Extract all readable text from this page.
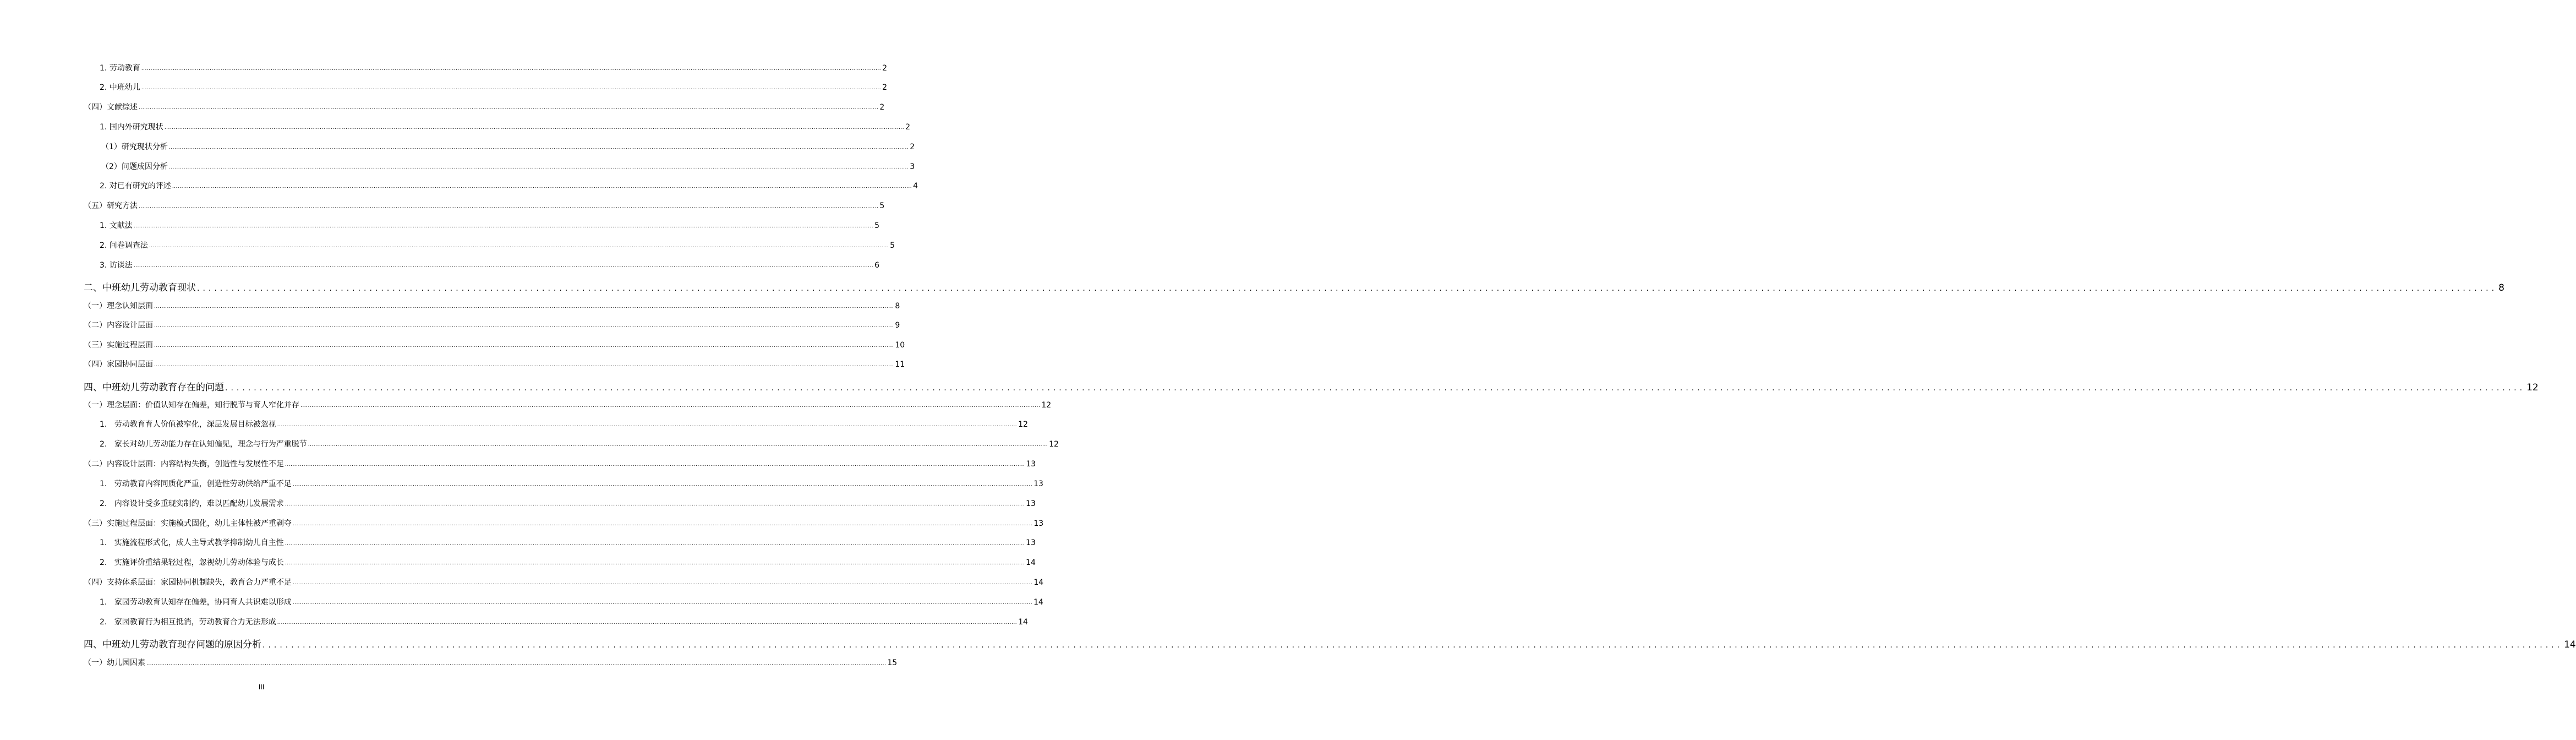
1. 劳动教育 ................................................................................................................................................................................................................................................................................................................................................................................................................ 2
2. 中班幼儿 ................................................................................................................................................................................................................................................................................................................................................................................................................ 2
（四）文献综述 ................................................................................................................................................................................................................................................................................................................................................................................................................ 2
1. 国内外研究现状 ................................................................................................................................................................................................................................................................................................................................................................................................................ 2
（1）研究现状分析 ................................................................................................................................................................................................................................................................................................................................................................................................................ 2
（2）问题成因分析 ................................................................................................................................................................................................................................................................................................................................................................................................................ 3
2. 对已有研究的评述 ................................................................................................................................................................................................................................................................................................................................................................................................................ 4
（五）研究方法 ................................................................................................................................................................................................................................................................................................................................................................................................................ 5
1. 文献法 ................................................................................................................................................................................................................................................................................................................................................................................................................ 5
2. 问卷调查法 ................................................................................................................................................................................................................................................................................................................................................................................................................ 5
3. 访谈法 ................................................................................................................................................................................................................................................................................................................................................................................................................ 6
二、中班幼儿劳动教育现状 ................................................................................................................................................................................................................................................................................................................................................................................................................ 8
（一）理念认知层面 ................................................................................................................................................................................................................................................................................................................................................................................................................ 8
（二）内容设计层面 ................................................................................................................................................................................................................................................................................................................................................................................................................ 9
（三）实施过程层面 ................................................................................................................................................................................................................................................................................................................................................................................................................ 10
（四）家园协同层面 ................................................................................................................................................................................................................................................................................................................................................................................................................ 11
四、中班幼儿劳动教育存在的问题 ................................................................................................................................................................................................................................................................................................................................................................................................................ 12
（一）理念层面：价值认知存在偏差，知行脱节与育人窄化并存 ................................................................................................................................................................................................................................................................................................................................................................................................................ 12
1.   劳动教育育人价值被窄化，深层发展目标被忽视 ................................................................................................................................................................................................................................................................................................................................................................................................................ 12
2.   家长对幼儿劳动能力存在认知偏见，理念与行为严重脱节 ................................................................................................................................................................................................................................................................................................................................................................................................................ 12
（二）内容设计层面：内容结构失衡，创造性与发展性不足 ................................................................................................................................................................................................................................................................................................................................................................................................................ 13
1.   劳动教育内容同质化严重，创造性劳动供给严重不足 ................................................................................................................................................................................................................................................................................................................................................................................................................ 13
2.   内容设计受多重现实制约，难以匹配幼儿发展需求 ................................................................................................................................................................................................................................................................................................................................................................................................................ 13
（三）实施过程层面：实施模式固化，幼儿主体性被严重剥夺 ................................................................................................................................................................................................................................................................................................................................................................................................................ 13
1.   实施流程形式化，成人主导式教学抑制幼儿自主性 ................................................................................................................................................................................................................................................................................................................................................................................................................ 13
2.   实施评价重结果轻过程，忽视幼儿劳动体验与成长 ................................................................................................................................................................................................................................................................................................................................................................................................................ 14
（四）支持体系层面：家园协同机制缺失，教育合力严重不足 ................................................................................................................................................................................................................................................................................................................................................................................................................ 14
1.   家园劳动教育认知存在偏差，协同育人共识难以形成 ................................................................................................................................................................................................................................................................................................................................................................................................................ 14
2.   家园教育行为相互抵消，劳动教育合力无法形成 ................................................................................................................................................................................................................................................................................................................................................................................................................ 14
四、中班幼儿劳动教育现存问题的原因分析 ................................................................................................................................................................................................................................................................................................................................................................................................................ 14
（一）幼儿园因素 ................................................................................................................................................................................................................................................................................................................................................................................................................ 15
III
